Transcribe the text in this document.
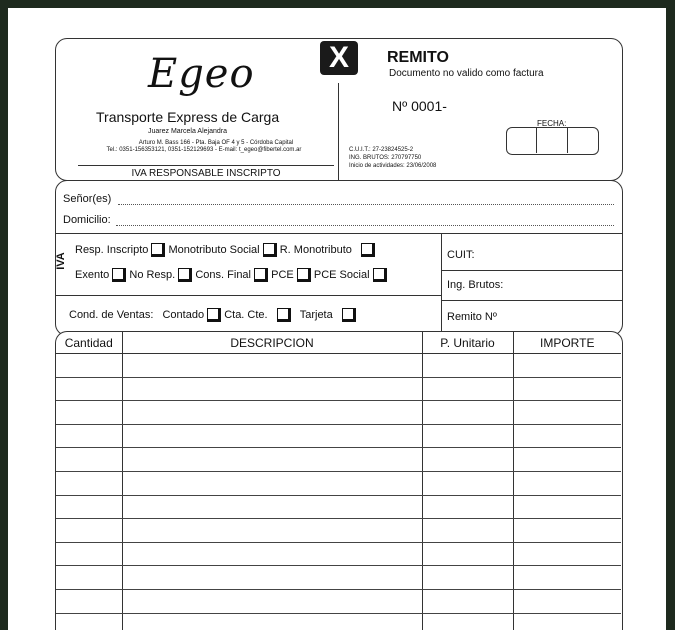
Egeo
Transporte Express de Carga
Juarez Marcela Alejandra
Arturo M. Bass 166 - Pta. Baja OF 4 y 5 - Córdoba Capital
Tel.: 0351-156353121, 0351-152129693 - E-mail: t_egeo@fibertel.com.ar
IVA RESPONSABLE INSCRIPTO
X	REMITO
Documento no valido como factura
Nº 0001-
FECHA:
C.U.I.T.: 27-23824525-2
ING. BRUTOS: 270797750
Inicio de actividades: 23/06/2008
Señor(es)
Domicilio:
IVA
Resp. Inscripto Monotributo Social R. Monotributo
Exento No Resp. Cons. Final PCE PCE Social
Cond. de Ventas: Contado Cta. Cte.	Tarjeta
CUIT:
Ing. Brutos:
Remito Nº
Cantidad	DESCRIPCION	P. Unitario	IMPORTE
